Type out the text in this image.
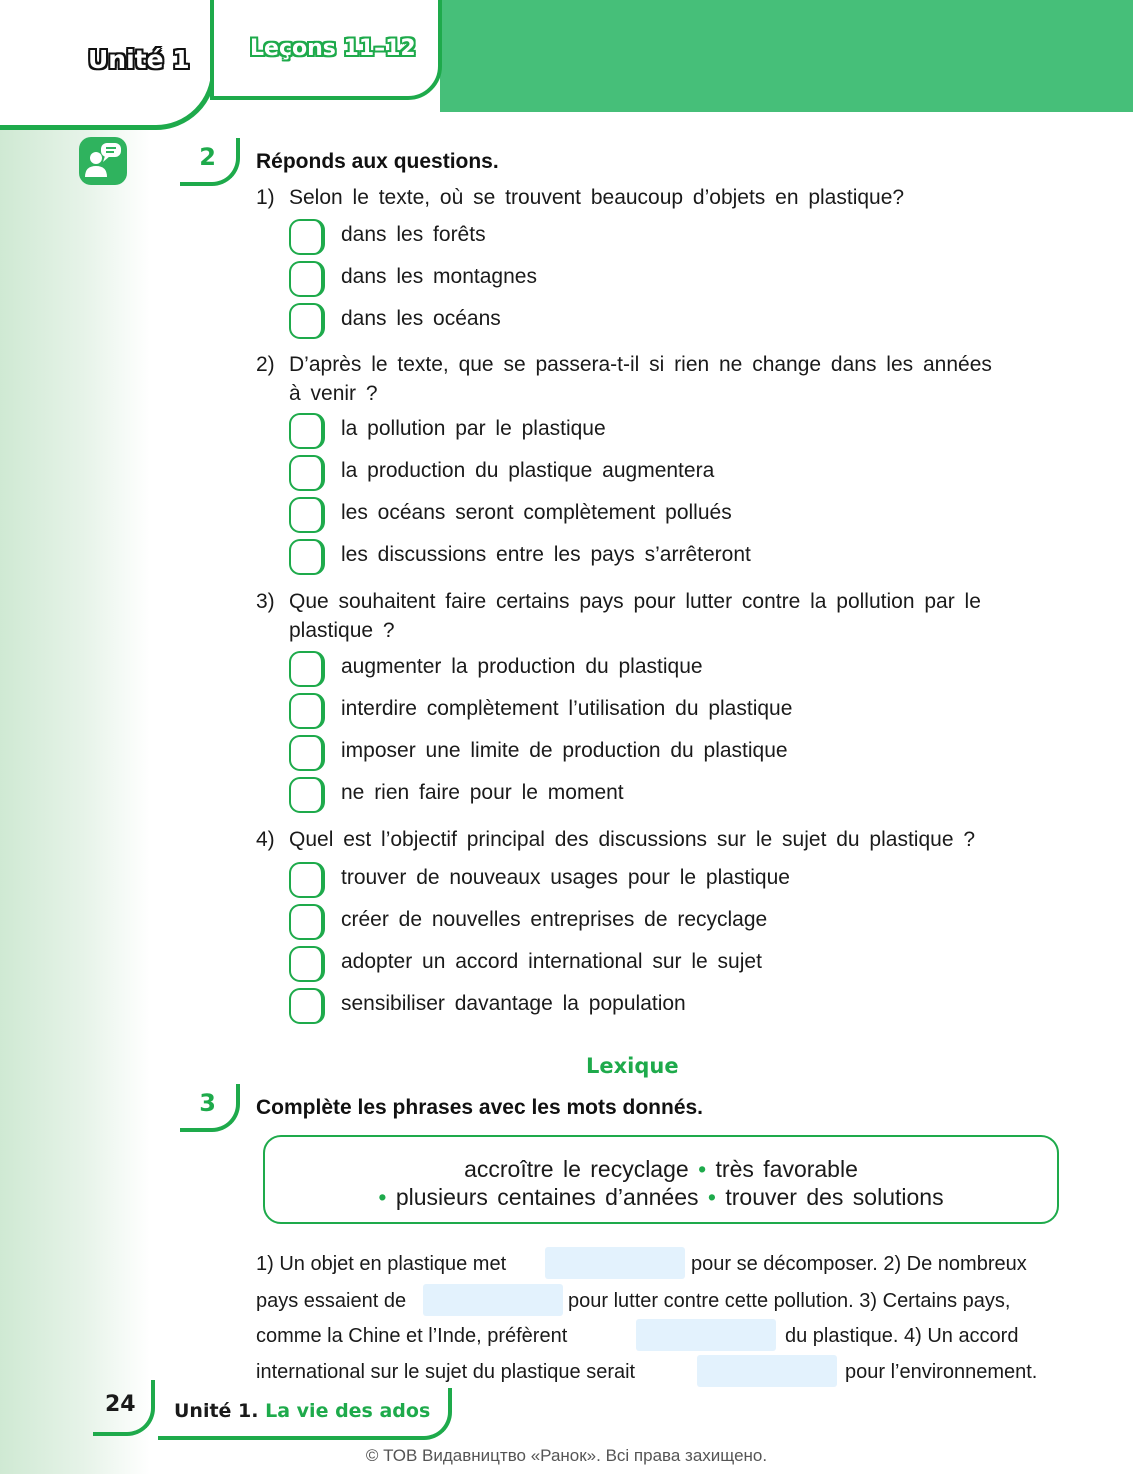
Unité 1	Leçons 11–12
2	Réponds aux questions.
1) Selon le texte, où se trouvent beaucoup d’objets en plastique?
dans les forêts
dans les montagnes
dans les océans
2) D’après le texte, que se passera-t-il si rien ne change dans les années
à venir ?
la pollution par le plastique
la production du plastique augmentera
les océans seront complètement pollués
les discussions entre les pays s’arrêteront
3) Que souhaitent faire certains pays pour lutter contre la pollution par le
plastique ?
augmenter la production du plastique
interdire complètement l’utilisation du plastique
imposer une limite de production du plastique
ne rien faire pour le moment
4) Quel est l’objectif principal des discussions sur le sujet du plastique ?
trouver de nouveaux usages pour le plastique
créer de nouvelles entreprises de recyclage
adopter un accord international sur le sujet
sensibiliser davantage la population
Lexique
3	Complète les phrases avec les mots donnés.
accroître le recyclage • très favorable
• plusieurs centaines d’années • trouver des solutions
1) Un objet en plastique met	pour se décomposer. 2) De nombreux
pays essaient de	pour lutter contre cette pollution. 3) Certains pays,
comme la Chine et l’Inde, préfèrent	du plastique. 4) Un accord
international sur le sujet du plastique serait	pour l’environnement.
24	Unité 1. La vie des ados
© ТОВ Видавництво «Ранок». Всі права захищено.
